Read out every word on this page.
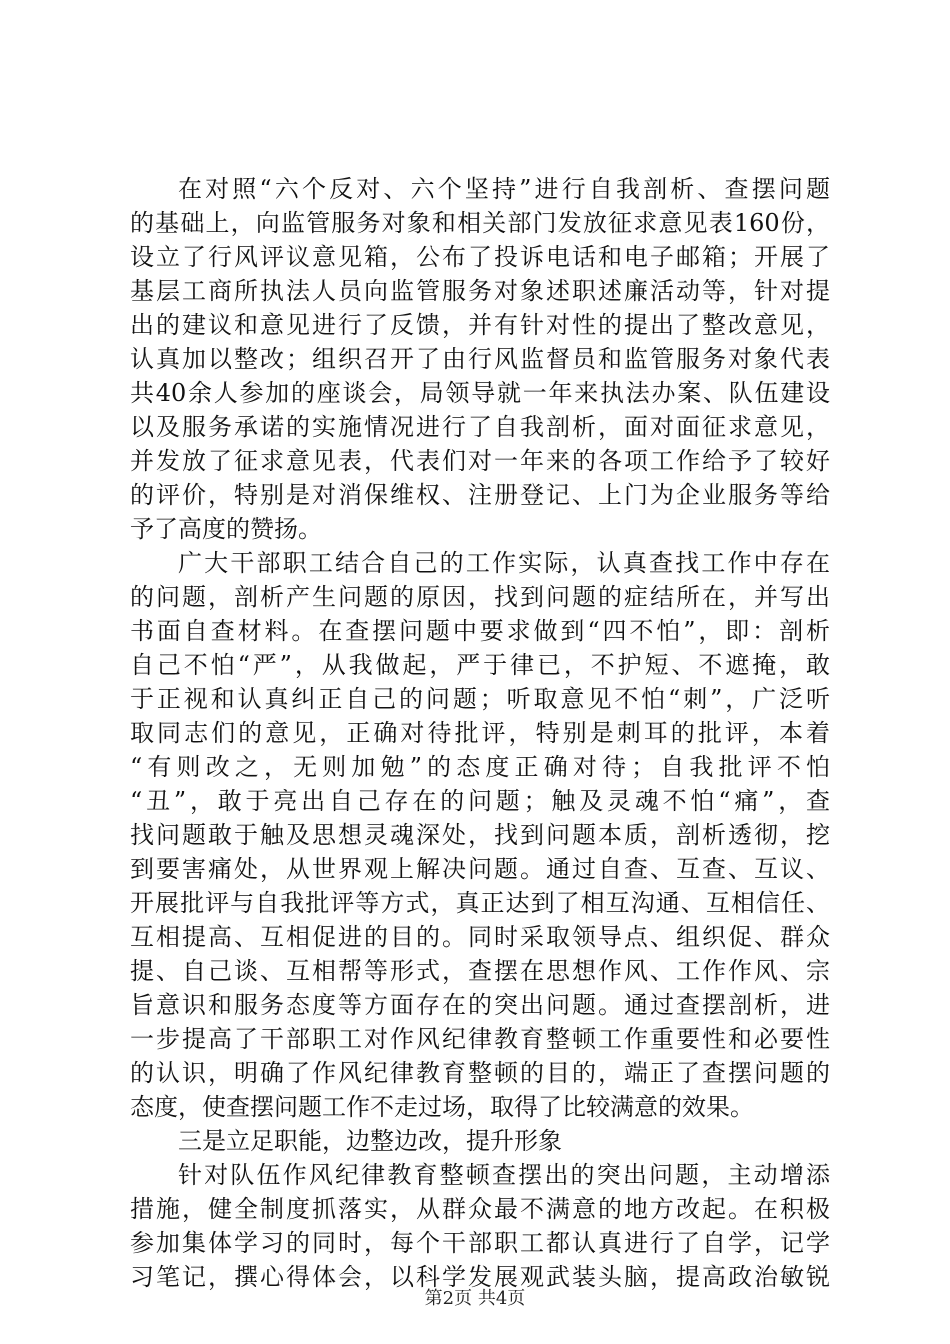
在对照“六个反对、六个坚持”进行自我剖析、查摆问题
的基础上，向监管服务对象和相关部门发放征求意见表160份，
设立了行风评议意见箱，公布了投诉电话和电子邮箱；开展了
基层工商所执法人员向监管服务对象述职述廉活动等，针对提
出的建议和意见进行了反馈，并有针对性的提出了整改意见，
认真加以整改；组织召开了由行风监督员和监管服务对象代表
共40余人参加的座谈会，局领导就一年来执法办案、队伍建设
以及服务承诺的实施情况进行了自我剖析，面对面征求意见，
并发放了征求意见表，代表们对一年来的各项工作给予了较好
的评价，特别是对消保维权、注册登记、上门为企业服务等给
予了高度的赞扬。
广大干部职工结合自己的工作实际，认真查找工作中存在
的问题，剖析产生问题的原因，找到问题的症结所在，并写出
书面自查材料。在查摆问题中要求做到“四不怕”，即：剖析
自己不怕“严”，从我做起，严于律已，不护短、不遮掩，敢
于正视和认真纠正自己的问题；听取意见不怕“刺”，广泛听
取同志们的意见，正确对待批评，特别是刺耳的批评，本着
“有则改之，无则加勉”的态度正确对待；自我批评不怕
“丑”，敢于亮出自己存在的问题；触及灵魂不怕“痛”，查
找问题敢于触及思想灵魂深处，找到问题本质，剖析透彻，挖
到要害痛处，从世界观上解决问题。通过自查、互查、互议、
开展批评与自我批评等方式，真正达到了相互沟通、互相信任、
互相提高、互相促进的目的。同时采取领导点、组织促、群众
提、自己谈、互相帮等形式，查摆在思想作风、工作作风、宗
旨意识和服务态度等方面存在的突出问题。通过查摆剖析，进
一步提高了干部职工对作风纪律教育整顿工作重要性和必要性
的认识，明确了作风纪律教育整顿的目的，端正了查摆问题的
态度，使查摆问题工作不走过场，取得了比较满意的效果。
三是立足职能，边整边改，提升形象
针对队伍作风纪律教育整顿查摆出的突出问题，主动增添
措施，健全制度抓落实，从群众最不满意的地方改起。在积极
参加集体学习的同时，每个干部职工都认真进行了自学，记学
习笔记，撰心得体会，以科学发展观武装头脑，提高政治敏锐
第2页 共4页
